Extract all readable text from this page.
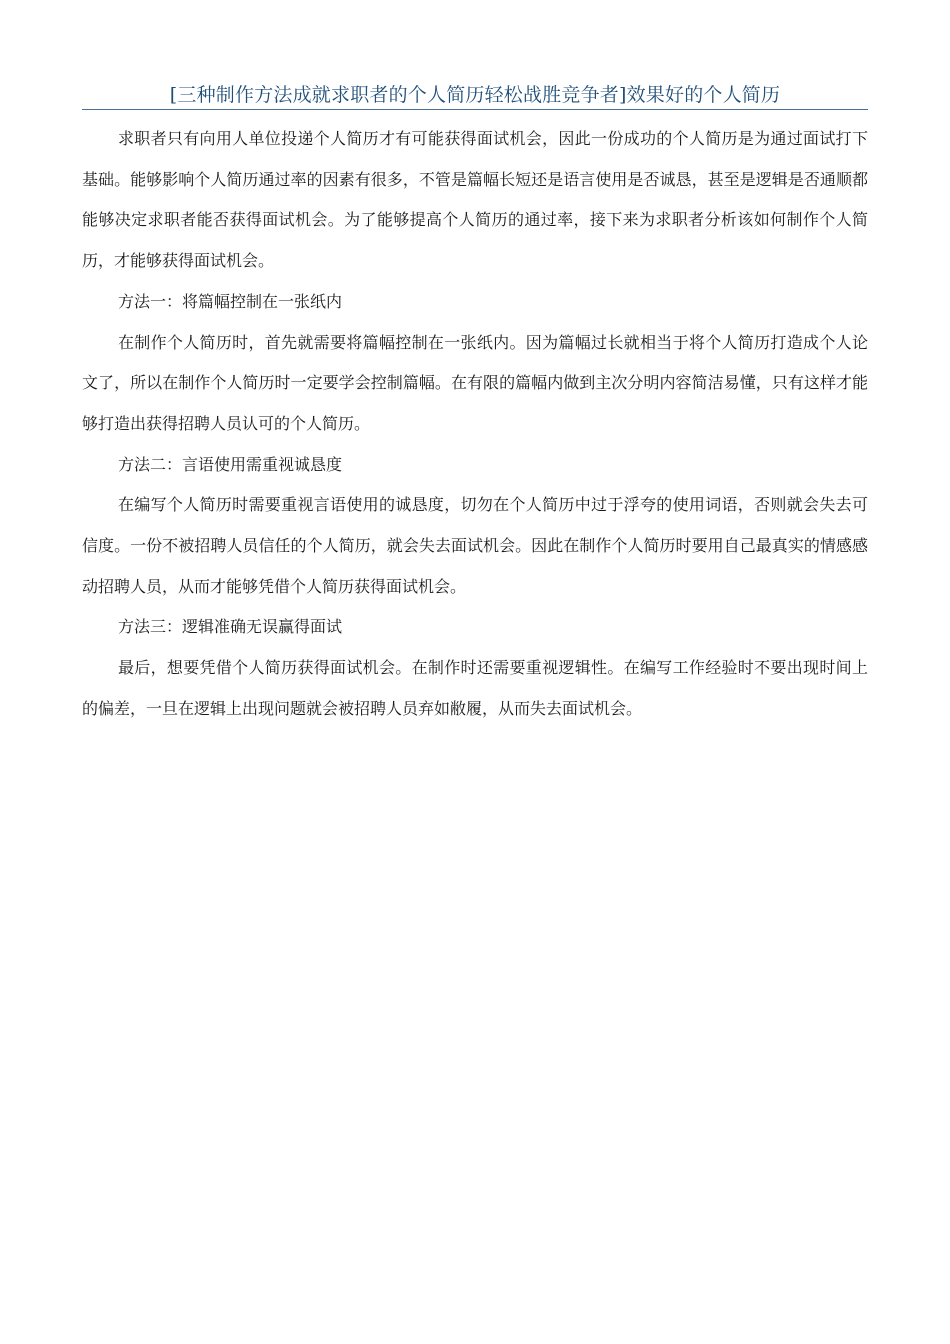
[三种制作方法成就求职者的个人简历轻松战胜竞争者]效果好的个人简历

求职者只有向用人单位投递个人简历才有可能获得面试机会，因此一份成功的个人简历是为通过面试打下基础。能够影响个人简历通过率的因素有很多，不管是篇幅长短还是语言使用是否诚恳，甚至是逻辑是否通顺都能够决定求职者能否获得面试机会。为了能够提高个人简历的通过率，接下来为求职者分析该如何制作个人简历，才能够获得面试机会。

方法一：将篇幅控制在一张纸内

在制作个人简历时，首先就需要将篇幅控制在一张纸内。因为篇幅过长就相当于将个人简历打造成个人论文了，所以在制作个人简历时一定要学会控制篇幅。在有限的篇幅内做到主次分明内容简洁易懂，只有这样才能够打造出获得招聘人员认可的个人简历。

方法二：言语使用需重视诚恳度

在编写个人简历时需要重视言语使用的诚恳度，切勿在个人简历中过于浮夸的使用词语，否则就会失去可信度。一份不被招聘人员信任的个人简历，就会失去面试机会。因此在制作个人简历时要用自己最真实的情感感动招聘人员，从而才能够凭借个人简历获得面试机会。

方法三：逻辑准确无误赢得面试

最后，想要凭借个人简历获得面试机会。在制作时还需要重视逻辑性。在编写工作经验时不要出现时间上的偏差，一旦在逻辑上出现问题就会被招聘人员弃如敝履，从而失去面试机会。
